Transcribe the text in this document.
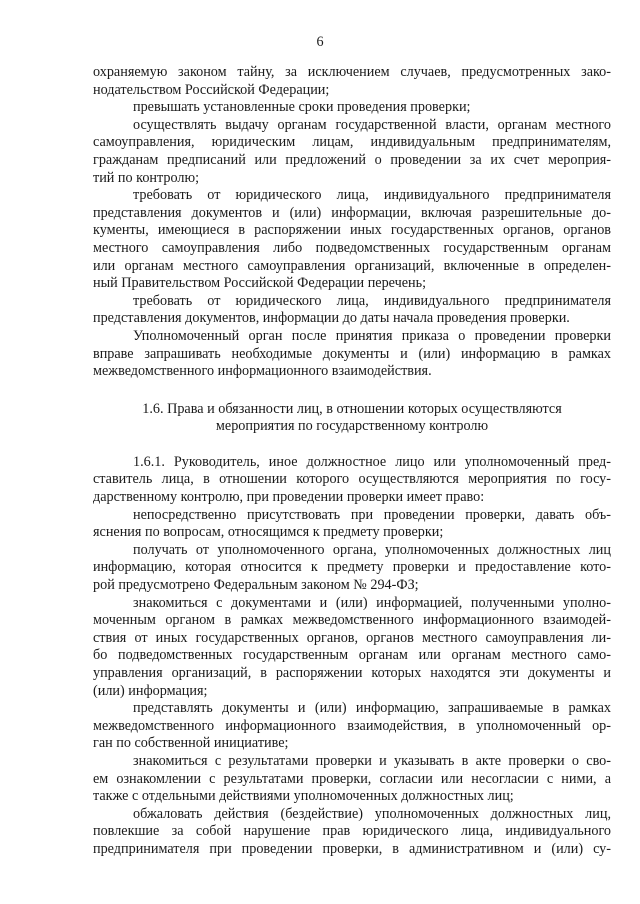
6
охраняемую законом тайну, за исключением случаев, предусмотренных зако-
нодательством Российской Федерации;
превышать установленные сроки проведения проверки;
осуществлять выдачу органам государственной власти, органам местного
самоуправления, юридическим лицам, индивидуальным предпринимателям,
гражданам предписаний или предложений о проведении за их счет мероприя-
тий по контролю;
требовать от юридического лица, индивидуального предпринимателя
представления документов и (или) информации, включая разрешительные до-
кументы, имеющиеся в распоряжении иных государственных органов, органов
местного самоуправления либо подведомственных государственным органам
или органам местного самоуправления организаций, включенные в определен-
ный Правительством Российской Федерации перечень;
требовать от юридического лица, индивидуального предпринимателя
представления документов, информации до даты начала проведения проверки.
Уполномоченный орган после принятия приказа о проведении проверки
вправе запрашивать необходимые документы и (или) информацию в рамках
межведомственного информационного взаимодействия.
1.6. Права и обязанности лиц, в отношении которых осуществляются
мероприятия по государственному контролю
1.6.1. Руководитель, иное должностное лицо или уполномоченный пред-
ставитель лица, в отношении которого осуществляются мероприятия по госу-
дарственному контролю, при проведении проверки имеет право:
непосредственно присутствовать при проведении проверки, давать объ-
яснения по вопросам, относящимся к предмету проверки;
получать от уполномоченного органа, уполномоченных должностных лиц
информацию, которая относится к предмету проверки и предоставление кото-
рой предусмотрено Федеральным законом № 294-ФЗ;
знакомиться с документами и (или) информацией, полученными уполно-
моченным органом в рамках межведомственного информационного взаимодей-
ствия от иных государственных органов, органов местного самоуправления ли-
бо подведомственных государственным органам или органам местного само-
управления организаций, в распоряжении которых находятся эти документы и
(или) информация;
представлять документы и (или) информацию, запрашиваемые в рамках
межведомственного информационного взаимодействия, в уполномоченный ор-
ган по собственной инициативе;
знакомиться с результатами проверки и указывать в акте проверки о сво-
ем ознакомлении с результатами проверки, согласии или несогласии с ними, а
также с отдельными действиями уполномоченных должностных лиц;
обжаловать действия (бездействие) уполномоченных должностных лиц,
повлекшие за собой нарушение прав юридического лица, индивидуального
предпринимателя при проведении проверки, в административном и (или) су-
